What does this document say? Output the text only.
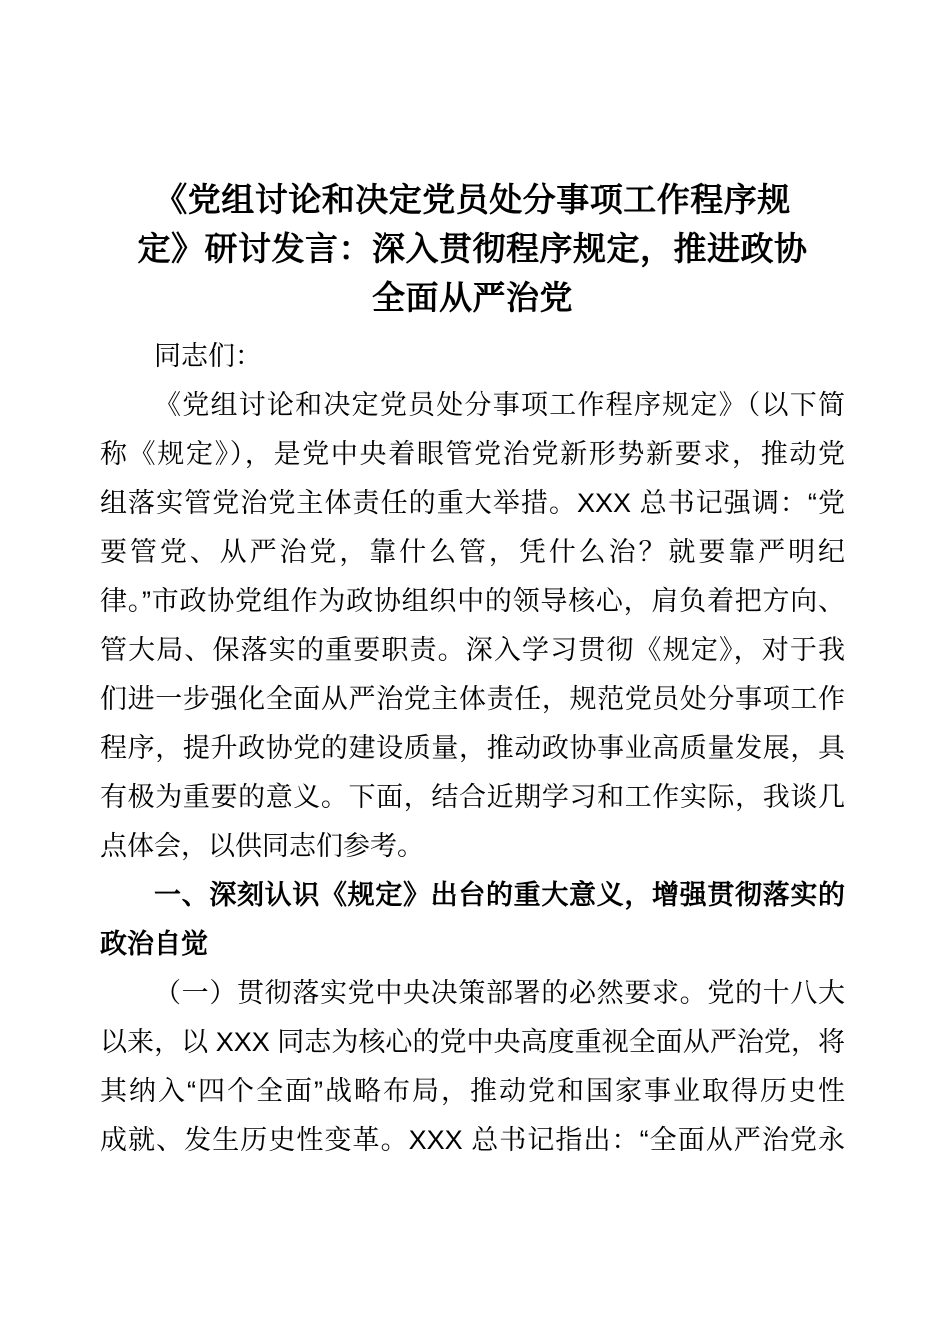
《党组讨论和决定党员处分事项工作程序规
定》研讨发言：深入贯彻程序规定，推进政协
全面从严治党
同志们：
《党组讨论和决定党员处分事项工作程序规定》（以下简
称《规定》），是党中央着眼管党治党新形势新要求，推动党
组落实管党治党主体责任的重大举措。XXX 总书记强调：“党
要管党、从严治党，靠什么管，凭什么治？就要靠严明纪
律。”市政协党组作为政协组织中的领导核心，肩负着把方向、
管大局、保落实的重要职责。深入学习贯彻《规定》，对于我
们进一步强化全面从严治党主体责任，规范党员处分事项工作
程序，提升政协党的建设质量，推动政协事业高质量发展，具
有极为重要的意义。下面，结合近期学习和工作实际，我谈几
点体会，以供同志们参考。
一、深刻认识《规定》出台的重大意义，增强贯彻落实的
政治自觉
（一）贯彻落实党中央决策部署的必然要求。党的十八大
以来，以 XXX 同志为核心的党中央高度重视全面从严治党，将
其纳入“四个全面”战略布局，推动党和国家事业取得历史性
成就、发生历史性变革。XXX 总书记指出：“全面从严治党永
